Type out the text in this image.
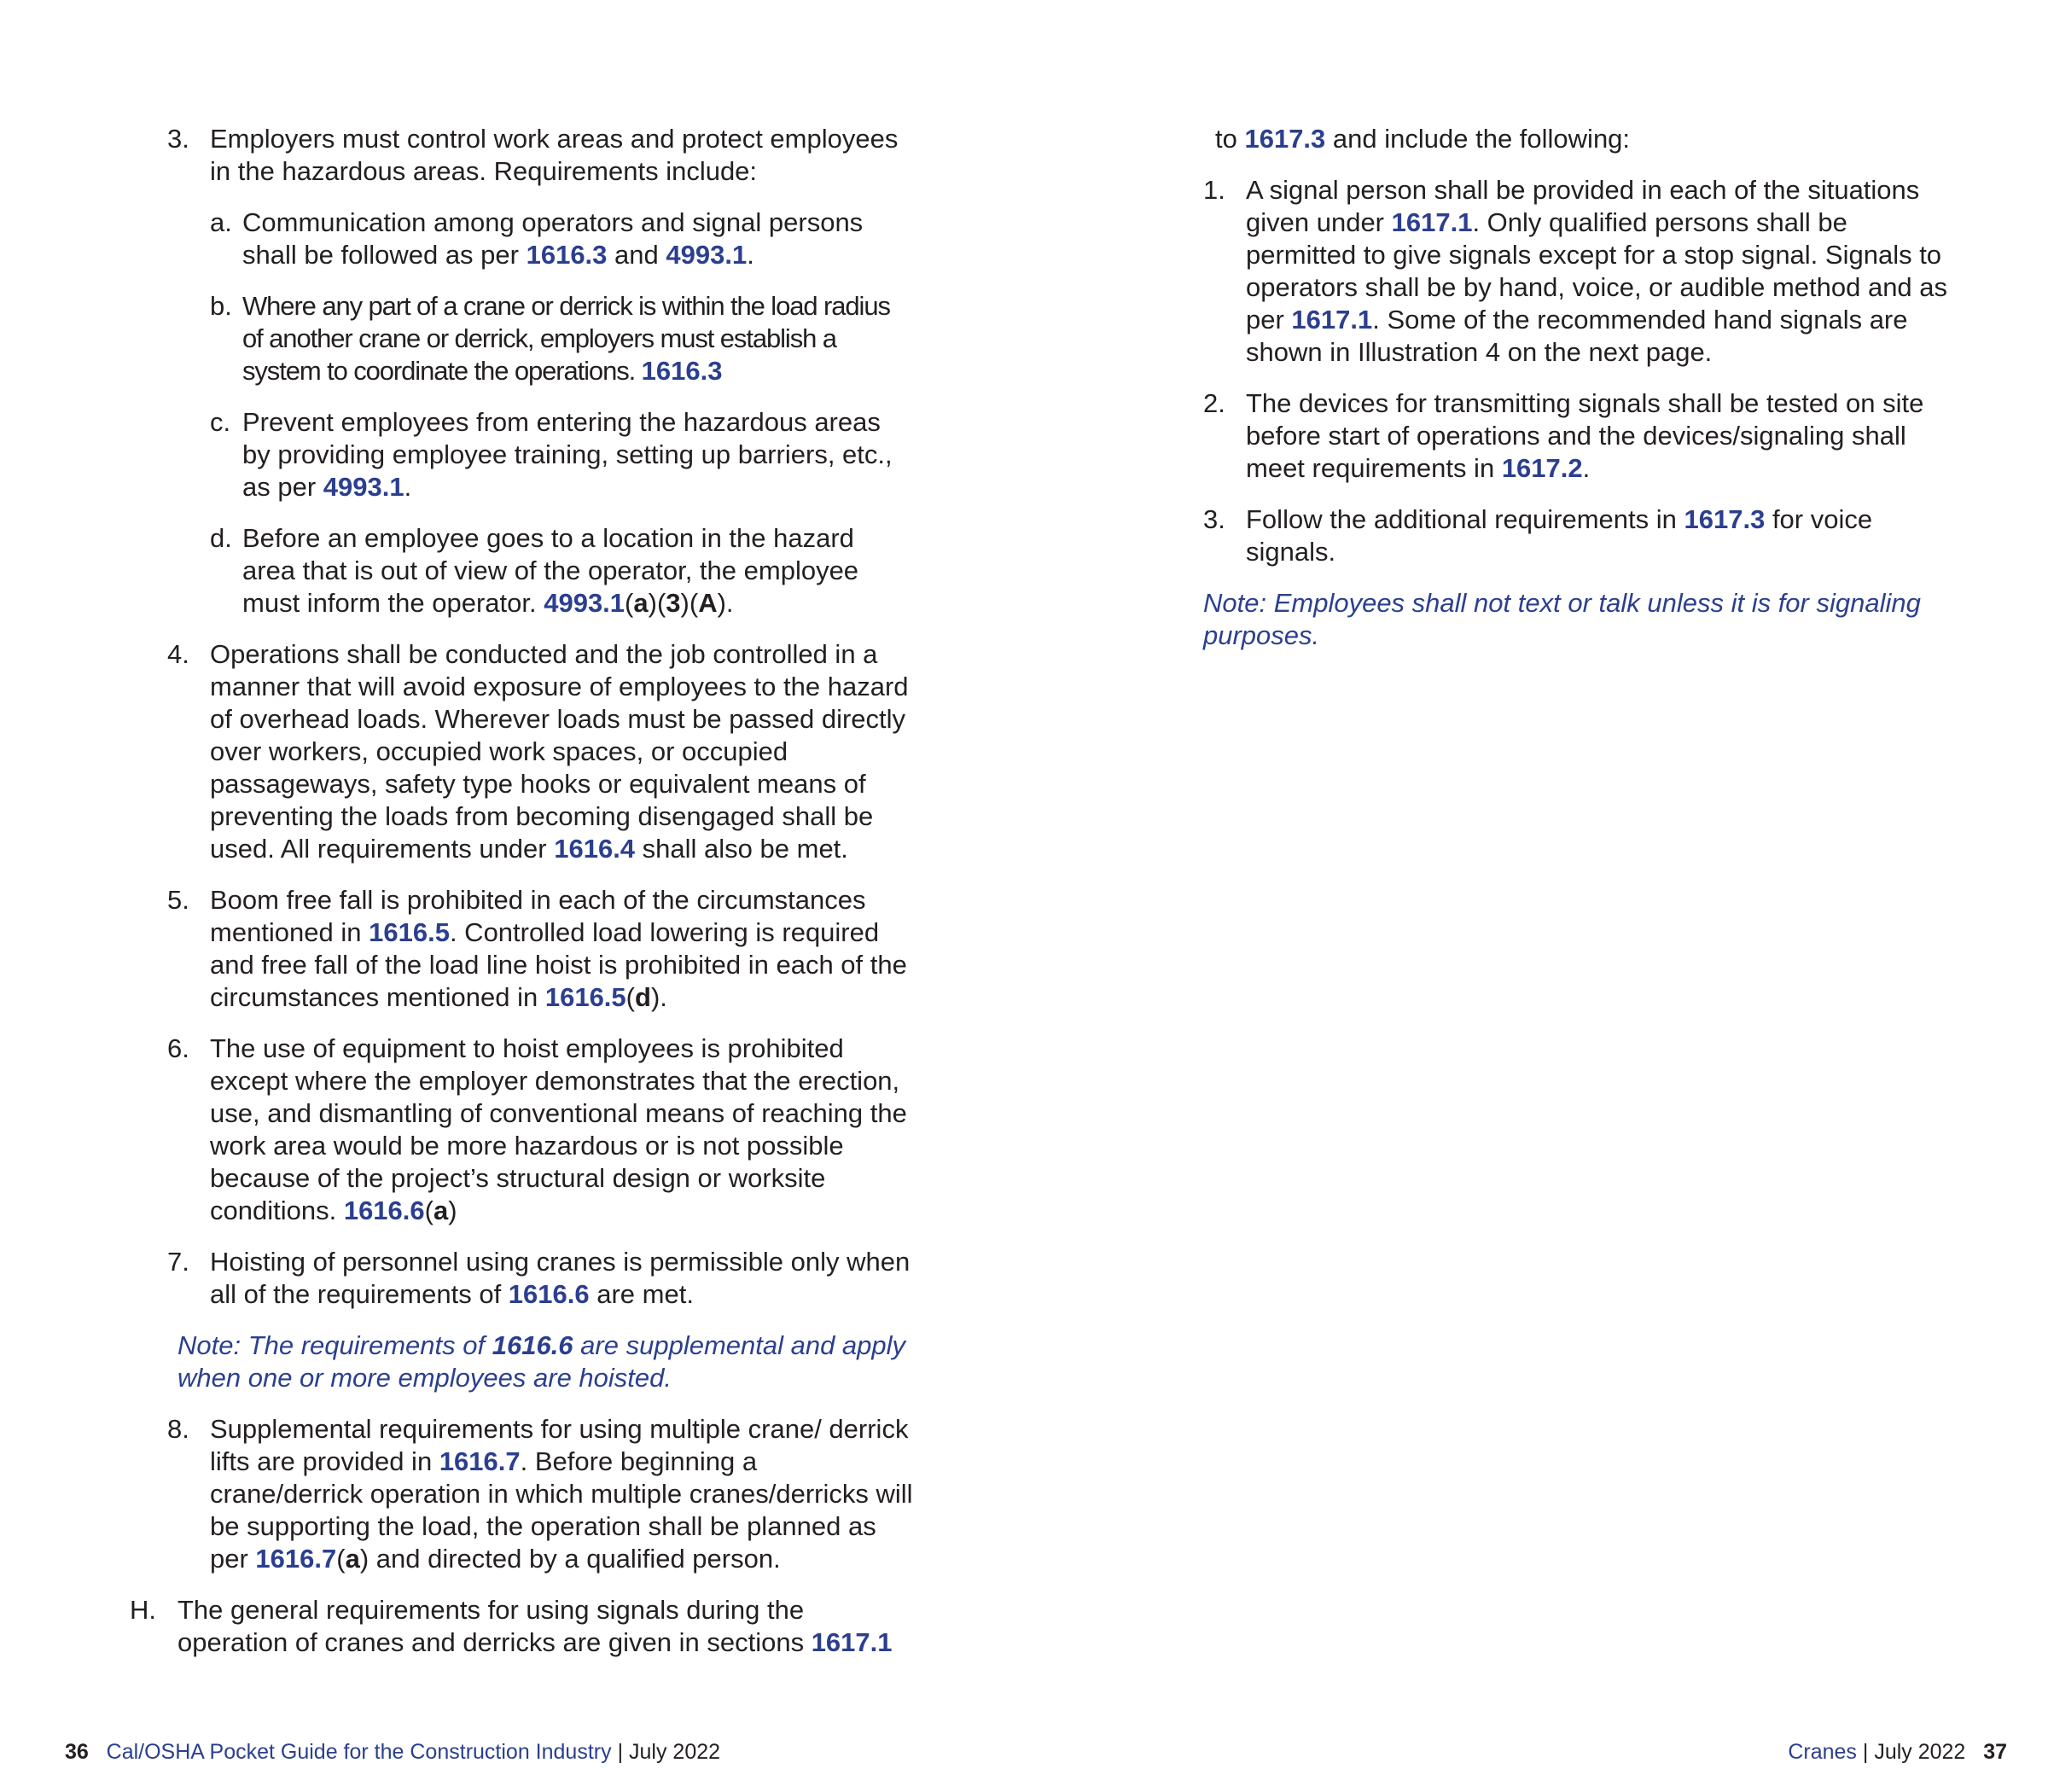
3. Employers must control work areas and protect employees in the hazardous areas. Requirements include:
a. Communication among operators and signal persons shall be followed as per 1616.3 and 4993.1.
b. Where any part of a crane or derrick is within the load radius of another crane or derrick, employers must establish a system to coordinate the operations. 1616.3
c. Prevent employees from entering the hazardous areas by providing employee training, setting up barriers, etc., as per 4993.1.
d. Before an employee goes to a location in the hazard area that is out of view of the operator, the employee must inform the operator. 4993.1(a)(3)(A).
4. Operations shall be conducted and the job controlled in a manner that will avoid exposure of employees to the hazard of overhead loads. Wherever loads must be passed directly over workers, occupied work spaces, or occupied passageways, safety type hooks or equivalent means of preventing the loads from becoming disengaged shall be used. All requirements under 1616.4 shall also be met.
5. Boom free fall is prohibited in each of the circumstances mentioned in 1616.5. Controlled load lowering is required and free fall of the load line hoist is prohibited in each of the circumstances mentioned in 1616.5(d).
6. The use of equipment to hoist employees is prohibited except where the employer demonstrates that the erection, use, and dismantling of conventional means of reaching the work area would be more hazardous or is not possible because of the project’s structural design or worksite conditions. 1616.6(a)
7. Hoisting of personnel using cranes is permissible only when all of the requirements of 1616.6 are met.
Note: The requirements of 1616.6 are supplemental and apply when one or more employees are hoisted.
8. Supplemental requirements for using multiple crane/ derrick lifts are provided in 1616.7. Before beginning a crane/derrick operation in which multiple cranes/derricks will be supporting the load, the operation shall be planned as per 1616.7(a) and directed by a qualified person.
H. The general requirements for using signals during the operation of cranes and derricks are given in sections 1617.1
36 Cal/OSHA Pocket Guide for the Construction Industry | July 2022
to 1617.3 and include the following:
1. A signal person shall be provided in each of the situations given under 1617.1. Only qualified persons shall be permitted to give signals except for a stop signal. Signals to operators shall be by hand, voice, or audible method and as per 1617.1. Some of the recommended hand signals are shown in Illustration 4 on the next page.
2. The devices for transmitting signals shall be tested on site before start of operations and the devices/signaling shall meet requirements in 1617.2.
3. Follow the additional requirements in 1617.3 for voice signals.
Note: Employees shall not text or talk unless it is for signaling purposes.
Cranes | July 2022 37
